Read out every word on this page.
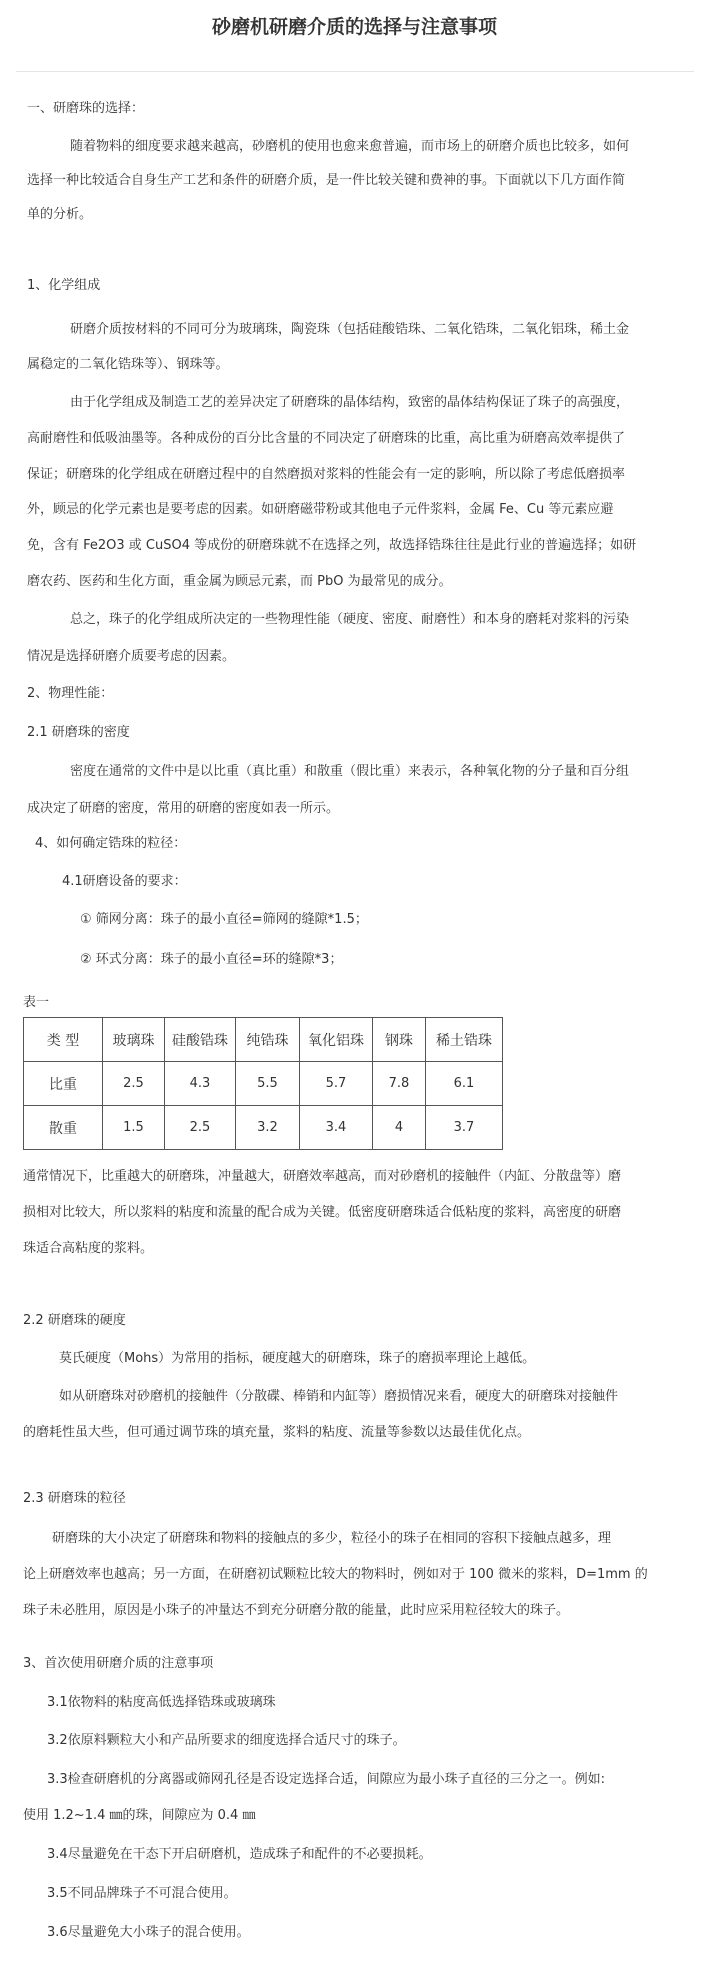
砂磨机研磨介质的选择与注意事项
一、研磨珠的选择：
随着物料的细度要求越来越高，砂磨机的使用也愈来愈普遍，而市场上的研磨介质也比较多，如何
选择一种比较适合自身生产工艺和条件的研磨介质，是一件比较关键和费神的事。下面就以下几方面作简
单的分析。
1、化学组成
研磨介质按材料的不同可分为玻璃珠，陶瓷珠（包括硅酸锆珠、二氧化锆珠，二氧化铝珠，稀土金
属稳定的二氧化锆珠等）、钢珠等。
由于化学组成及制造工艺的差异决定了研磨珠的晶体结构，致密的晶体结构保证了珠子的高强度，
高耐磨性和低吸油墨等。各种成份的百分比含量的不同决定了研磨珠的比重，高比重为研磨高效率提供了
保证；研磨珠的化学组成在研磨过程中的自然磨损对浆料的性能会有一定的影响，所以除了考虑低磨损率
外，顾忌的化学元素也是要考虑的因素。如研磨磁带粉或其他电子元件浆料，金属 Fe、Cu 等元素应避
免，含有 Fe2O3 或 CuSO4 等成份的研磨珠就不在选择之列，故选择锆珠往往是此行业的普遍选择；如研
磨农药、医药和生化方面，重金属为顾忌元素，而 PbO 为最常见的成分。
总之，珠子的化学组成所决定的一些物理性能（硬度、密度、耐磨性）和本身的磨耗对浆料的污染
情况是选择研磨介质要考虑的因素。
2、物理性能：
2.1 研磨珠的密度
密度在通常的文件中是以比重（真比重）和散重（假比重）来表示，各种氧化物的分子量和百分组
成决定了研磨的密度，常用的研磨的密度如表一所示。
4、如何确定锆珠的粒径：
4.1研磨设备的要求：
① 筛网分离：珠子的最小直径=筛网的缝隙*1.5；
② 环式分离：珠子的最小直径=环的缝隙*3；
表一
类 型	玻璃珠	硅酸锆珠	纯锆珠	氧化铝珠	钢珠	稀土锆珠
比重	2.5	4.3	5.5	5.7	7.8	6.1
散重	1.5	2.5	3.2	3.4	4	3.7
通常情况下，比重越大的研磨珠，冲量越大，研磨效率越高，而对砂磨机的接触件（内缸、分散盘等）磨
损相对比较大，所以浆料的粘度和流量的配合成为关键。低密度研磨珠适合低粘度的浆料，高密度的研磨
珠适合高粘度的浆料。
2.2 研磨珠的硬度
莫氏硬度（Mohs）为常用的指标，硬度越大的研磨珠，珠子的磨损率理论上越低。
如从研磨珠对砂磨机的接触件（分散碟、棒销和内缸等）磨损情况来看，硬度大的研磨珠对接触件
的磨耗性虽大些，但可通过调节珠的填充量，浆料的粘度、流量等参数以达最佳优化点。
2.3 研磨珠的粒径
研磨珠的大小决定了研磨珠和物料的接触点的多少，粒径小的珠子在相同的容积下接触点越多，理
论上研磨效率也越高；另一方面，在研磨初试颗粒比较大的物料时，例如对于 100 微米的浆料，D=1mm 的
珠子未必胜用，原因是小珠子的冲量达不到充分研磨分散的能量，此时应采用粒径较大的珠子。
3、首次使用研磨介质的注意事项
3.1依物料的粘度高低选择锆珠或玻璃珠
3.2依原料颗粒大小和产品所要求的细度选择合适尺寸的珠子。
3.3检查研磨机的分离器或筛网孔径是否设定选择合适，间隙应为最小珠子直径的三分之一。例如:
使用 1.2~1.4 ㎜的珠，间隙应为 0.4 ㎜
3.4尽量避免在干态下开启研磨机，造成珠子和配件的不必要损耗。
3.5不同品牌珠子不可混合使用。
3.6尽量避免大小珠子的混合使用。
